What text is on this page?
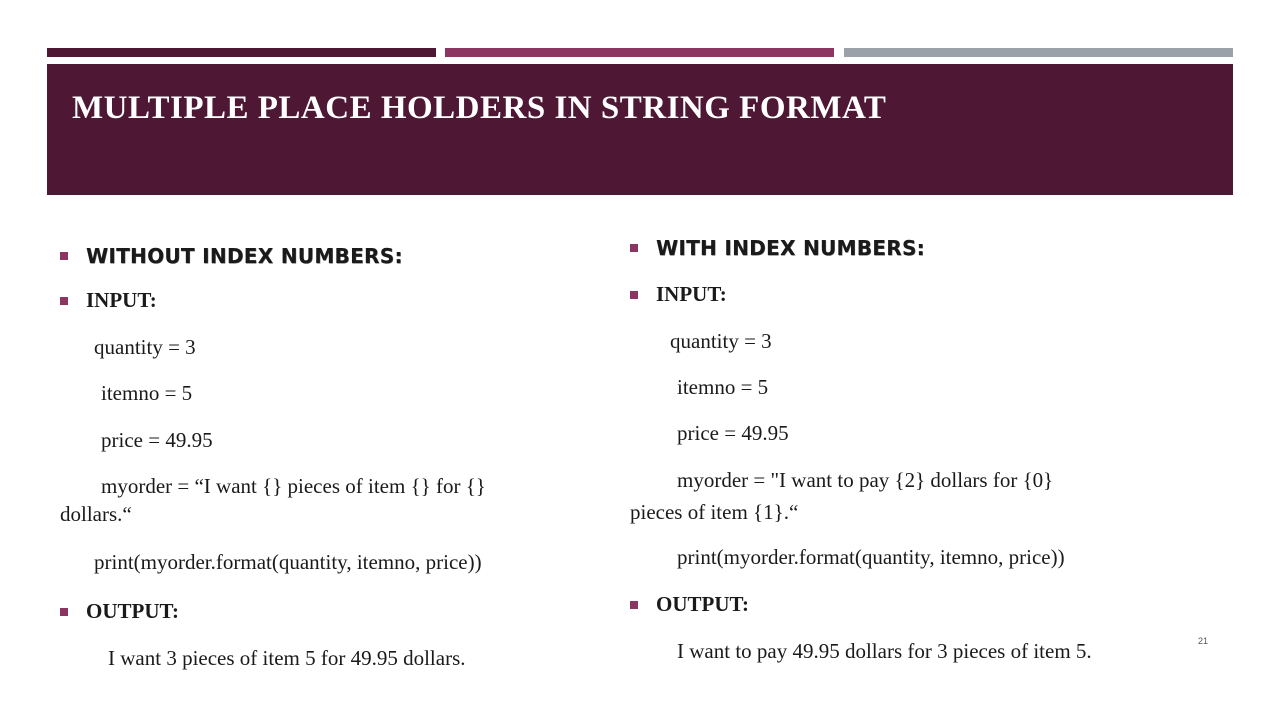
MULTIPLE PLACE HOLDERS IN STRING FORMAT
WITHOUT INDEX NUMBERS:
INPUT:
quantity = 3
itemno = 5
price = 49.95
myorder = “I want {} pieces of item {} for {}
dollars.“
print(myorder.format(quantity, itemno, price))
OUTPUT:
I want 3 pieces of item 5 for 49.95 dollars.
WITH INDEX NUMBERS:
INPUT:
quantity = 3
itemno = 5
price = 49.95
myorder = "I want to pay {2} dollars for {0}
pieces of item {1}.“
print(myorder.format(quantity, itemno, price))
OUTPUT:
I want to pay 49.95 dollars for 3 pieces of item 5.	21
